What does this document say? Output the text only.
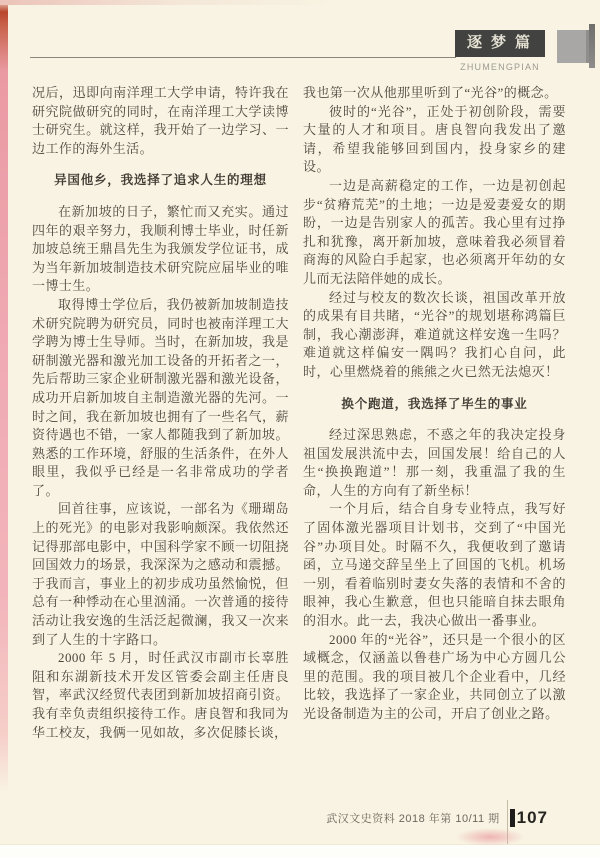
逐梦篇
ZHUMENGPIAN

况后，迅即向南洋理工大学申请，特许我在研究院做研究的同时，在南洋理工大学读博士研究生。就这样，我开始了一边学习、一边工作的海外生活。

异国他乡，我选择了追求人生的理想

在新加坡的日子，繁忙而又充实。通过四年的艰辛努力，我顺利博士毕业，时任新加坡总统王鼎昌先生为我颁发学位证书，成为当年新加坡制造技术研究院应届毕业的唯一博士生。

取得博士学位后，我仍被新加坡制造技术研究院聘为研究员，同时也被南洋理工大学聘为博士生导师。当时，在新加坡，我是研制激光器和激光加工设备的开拓者之一，先后帮助三家企业研制激光器和激光设备，成功开启新加坡自主制造激光器的先河。一时之间，我在新加坡也拥有了一些名气，薪资待遇也不错，一家人都随我到了新加坡。熟悉的工作环境，舒服的生活条件，在外人眼里，我似乎已经是一名非常成功的学者了。

回首往事，应该说，一部名为《珊瑚岛上的死光》的电影对我影响颇深。我依然还记得那部电影中，中国科学家不顾一切阻挠回国效力的场景，我深深为之感动和震撼。于我而言，事业上的初步成功虽然愉悦，但总有一种悸动在心里汹涌。一次普通的接待活动让我安逸的生活泛起微澜，我又一次来到了人生的十字路口。

2000 年 5 月，时任武汉市副市长辜胜阻和东湖新技术开发区管委会副主任唐良智，率武汉经贸代表团到新加坡招商引资。我有幸负责组织接待工作。唐良智和我同为华工校友，我俩一见如故，多次促膝长谈，

我也第一次从他那里听到了“光谷”的概念。

彼时的“光谷”，正处于初创阶段，需要大量的人才和项目。唐良智向我发出了邀请，希望我能够回到国内，投身家乡的建设。

一边是高薪稳定的工作，一边是初创起步“贫瘠荒芜”的土地；一边是爱妻爱女的期盼，一边是告别家人的孤苦。我心里有过挣扎和犹豫，离开新加坡，意味着我必须冒着商海的风险白手起家，也必须离开年幼的女儿而无法陪伴她的成长。

经过与校友的数次长谈，祖国改革开放的成果有目共睹，“光谷”的规划堪称鸿篇巨制，我心潮澎湃，难道就这样安逸一生吗？难道就这样偏安一隅吗？我扪心自问，此时，心里燃烧着的熊熊之火已然无法熄灭！

换个跑道，我选择了毕生的事业

经过深思熟虑，不惑之年的我决定投身祖国发展洪流中去，回国发展！给自己的人生“换换跑道”！那一刻，我重温了我的生命，人生的方向有了新坐标！

一个月后，结合自身专业特点，我写好了固体激光器项目计划书，交到了“中国光谷”办项目处。时隔不久，我便收到了邀请函，立马递交辞呈坐上了回国的飞机。机场一别，看着临别时妻女失落的表情和不舍的眼神，我心生歉意，但也只能暗自抹去眼角的泪水。此一去，我决心做出一番事业。

2000 年的“光谷”，还只是一个很小的区域概念，仅涵盖以鲁巷广场为中心方圆几公里的范围。我的项目被几个企业看中，几经比较，我选择了一家企业，共同创立了以激光设备制造为主的公司，开启了创业之路。

武汉文史资料 2018 年第 10/11 期 107
